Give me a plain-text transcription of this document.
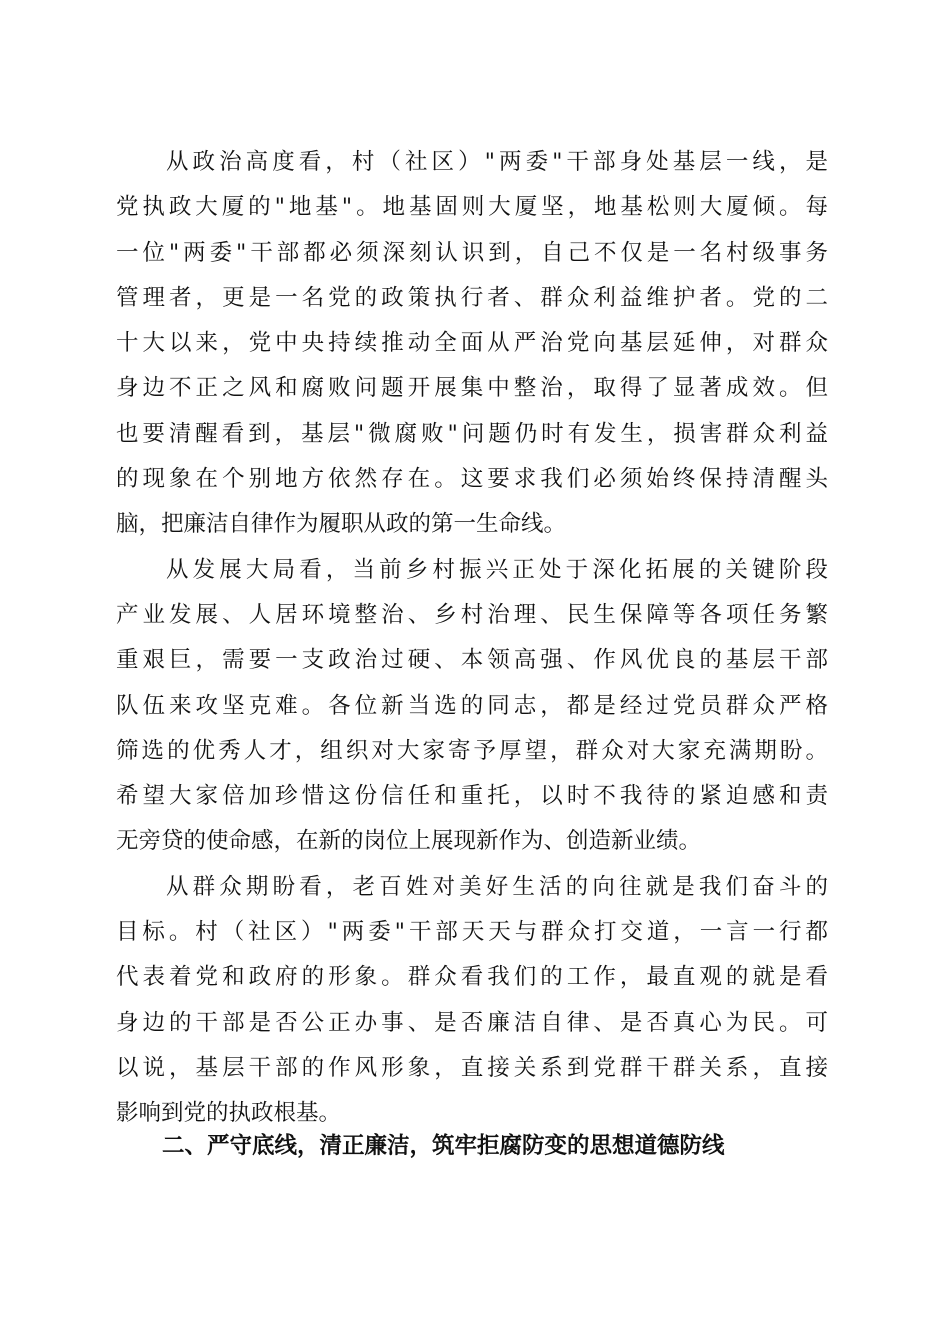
从政治高度看，村（社区）"两委"干部身处基层一线，是
党执政大厦的"地基"。地基固则大厦坚，地基松则大厦倾。每
一位"两委"干部都必须深刻认识到，自己不仅是一名村级事务
管理者，更是一名党的政策执行者、群众利益维护者。党的二
十大以来，党中央持续推动全面从严治党向基层延伸，对群众
身边不正之风和腐败问题开展集中整治，取得了显著成效。但
也要清醒看到，基层"微腐败"问题仍时有发生，损害群众利益
的现象在个别地方依然存在。这要求我们必须始终保持清醒头
脑，把廉洁自律作为履职从政的第一生命线。
从发展大局看，当前乡村振兴正处于深化拓展的关键阶段
产业发展、人居环境整治、乡村治理、民生保障等各项任务繁
重艰巨，需要一支政治过硬、本领高强、作风优良的基层干部
队伍来攻坚克难。各位新当选的同志，都是经过党员群众严格
筛选的优秀人才，组织对大家寄予厚望，群众对大家充满期盼。
希望大家倍加珍惜这份信任和重托，以时不我待的紧迫感和责
无旁贷的使命感，在新的岗位上展现新作为、创造新业绩。
从群众期盼看，老百姓对美好生活的向往就是我们奋斗的
目标。村（社区）"两委"干部天天与群众打交道，一言一行都
代表着党和政府的形象。群众看我们的工作，最直观的就是看
身边的干部是否公正办事、是否廉洁自律、是否真心为民。可
以说，基层干部的作风形象，直接关系到党群干群关系，直接
影响到党的执政根基。
二、严守底线，清正廉洁，筑牢拒腐防变的思想道德防线
